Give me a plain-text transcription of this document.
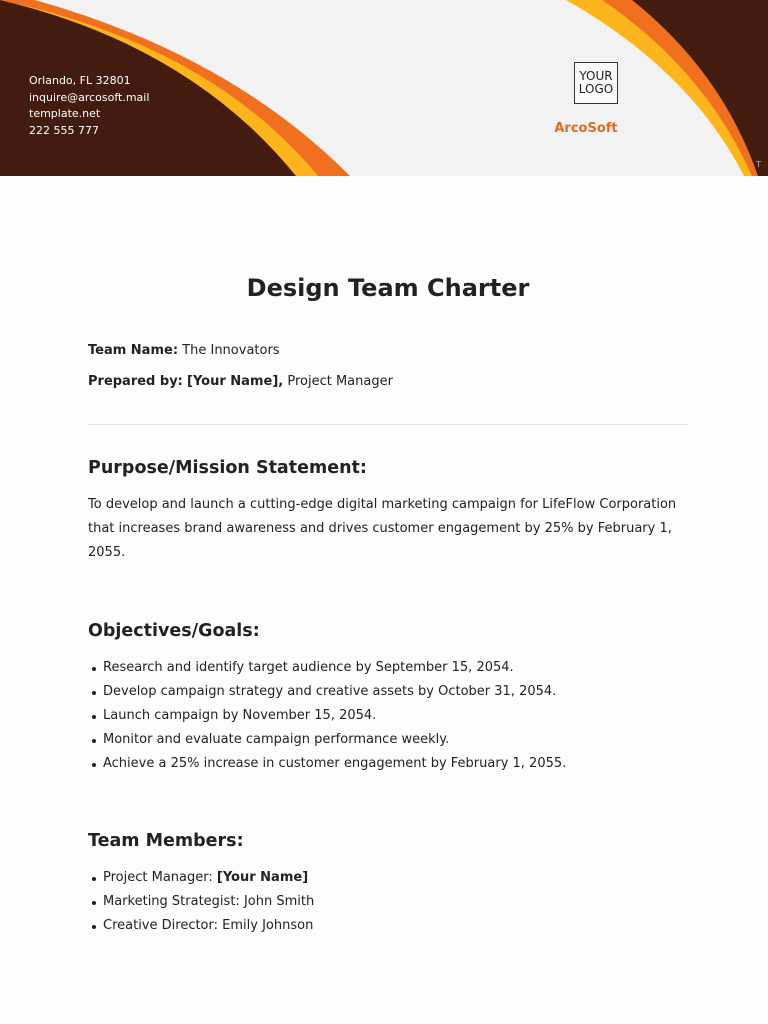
Orlando, FL 32801
inquire@arcosoft.mail
template.net
222 555 777
YOUR LOGO
ArcoSoft
T
Design Team Charter
Team Name: The Innovators
Prepared by: [Your Name], Project Manager
Purpose/Mission Statement:
To develop and launch a cutting-edge digital marketing campaign for LifeFlow Corporation that increases brand awareness and drives customer engagement by 25% by February 1, 2055.
Objectives/Goals:
Research and identify target audience by September 15, 2054.
Develop campaign strategy and creative assets by October 31, 2054.
Launch campaign by November 15, 2054.
Monitor and evaluate campaign performance weekly.
Achieve a 25% increase in customer engagement by February 1, 2055.
Team Members:
Project Manager: [Your Name]
Marketing Strategist: John Smith
Creative Director: Emily Johnson
